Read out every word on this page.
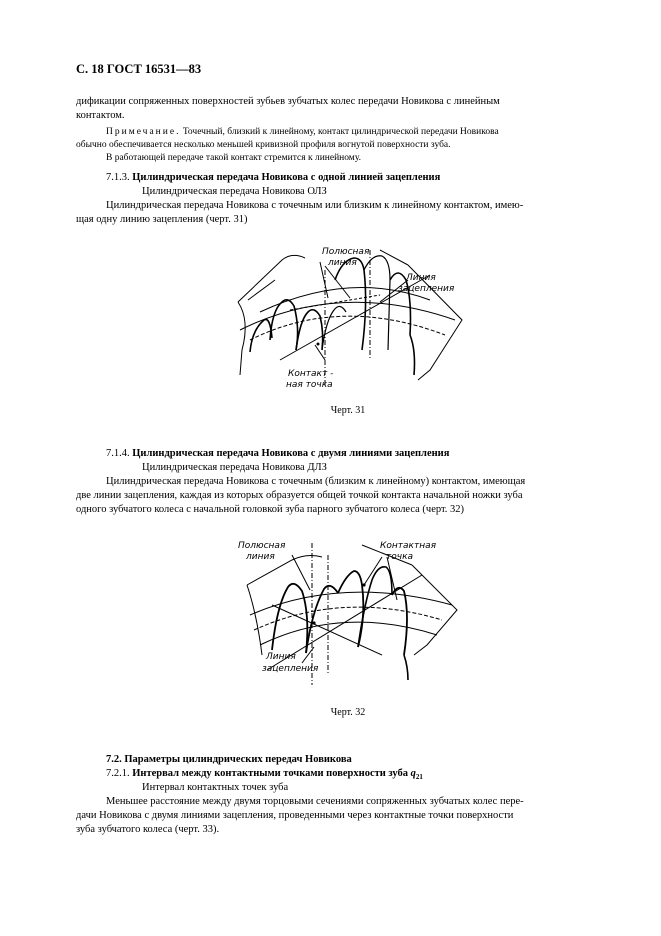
С. 18 ГОСТ 16531—83
дификации сопряженных поверхностей зубьев зубчатых колес передачи Новикова с линейным
контактом.
Примечание. Точечный, близкий к линейному, контакт цилиндрической передачи Новикова
обычно обеспечивается несколько меньшей кривизной профиля вогнутой поверхности зуба.
В работающей передаче такой контакт стремится к линейному.
7.1.3. Цилиндрическая передача Новикова с одной линией зацепления
Цилиндрическая передача Новикова ОЛЗ
Цилиндрическая передача Новикова с точечным или близким к линейному контактом, имею-
щая одну линию зацепления (черт. 31)
Полюсная
линия
Линия
зацепления
Контакт -
ная точка
Черт. 31
7.1.4. Цилиндрическая передача Новикова с двумя линиями зацепления
Цилиндрическая передача Новикова ДЛЗ
Цилиндрическая передача Новикова с точечным (близким к линейному) контактом, имеющая
две линии зацепления, каждая из которых образуется общей точкой контакта начальной ножки зуба
одного зубчатого колеса с начальной головкой зуба парного зубчатого колеса (черт. 32)
Полюсная
линия
Контактная
точка
Линия
зацепления
Черт. 32
7.2. Параметры цилиндрических передач Новикова
7.2.1. Интервал между контактными точками поверхности зуба $q_{21}$
Интервал контактных точек зуба
Меньшее расстояние между двумя торцовыми сечениями сопряженных зубчатых колес пере-
дачи Новикова с двумя линиями зацепления, проведенными через контактные точки поверхности
зуба зубчатого колеса (черт. 33).
